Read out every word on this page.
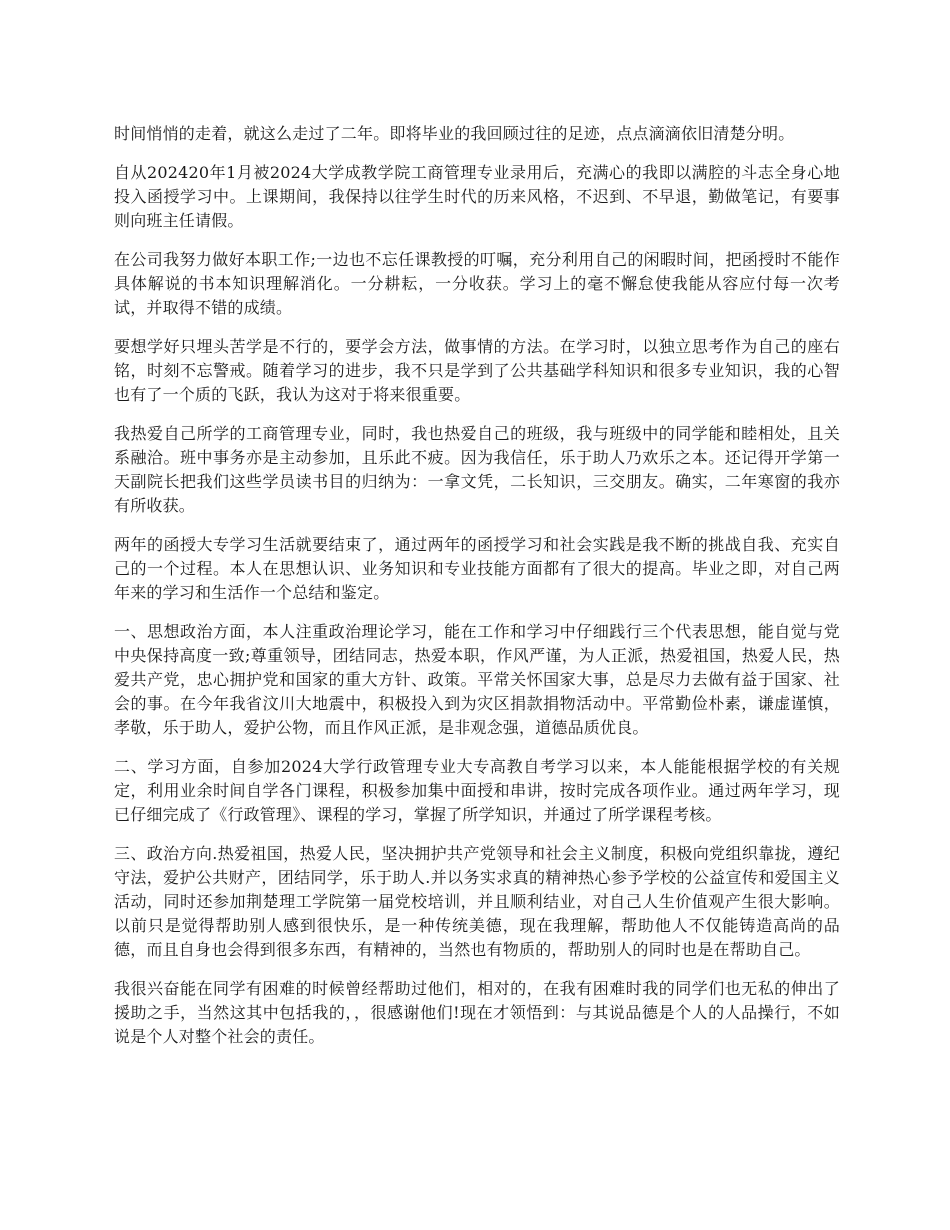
时间悄悄的走着，就这么走过了二年。即将毕业的我回顾过往的足迹，点点滴滴依旧清楚分明。

自从202420年1月被2024大学成教学院工商管理专业录用后，充满心的我即以满腔的斗志全身心地投入函授学习中。上课期间，我保持以往学生时代的历来风格，不迟到、不早退，勤做笔记，有要事则向班主任请假。

在公司我努力做好本职工作;一边也不忘任课教授的叮嘱，充分利用自己的闲暇时间，把函授时不能作具体解说的书本知识理解消化。一分耕耘，一分收获。学习上的毫不懈怠使我能从容应付每一次考试，并取得不错的成绩。

要想学好只埋头苦学是不行的，要学会方法，做事情的方法。在学习时，以独立思考作为自己的座右铭，时刻不忘警戒。随着学习的进步，我不只是学到了公共基础学科知识和很多专业知识，我的心智也有了一个质的飞跃，我认为这对于将来很重要。

我热爱自己所学的工商管理专业，同时，我也热爱自己的班级，我与班级中的同学能和睦相处，且关系融洽。班中事务亦是主动参加，且乐此不疲。因为我信任，乐于助人乃欢乐之本。还记得开学第一天副院长把我们这些学员读书目的归纳为：一拿文凭，二长知识，三交朋友。确实，二年寒窗的我亦有所收获。

两年的函授大专学习生活就要结束了，通过两年的函授学习和社会实践是我不断的挑战自我、充实自己的一个过程。本人在思想认识、业务知识和专业技能方面都有了很大的提高。毕业之即，对自己两年来的学习和生活作一个总结和鉴定。

一、思想政治方面，本人注重政治理论学习，能在工作和学习中仔细践行三个代表思想，能自觉与党中央保持高度一致;尊重领导，团结同志，热爱本职，作风严谨，为人正派，热爱祖国，热爱人民，热爱共产党，忠心拥护党和国家的重大方针、政策。平常关怀国家大事，总是尽力去做有益于国家、社会的事。在今年我省汶川大地震中，积极投入到为灾区捐款捐物活动中。平常勤俭朴素，谦虚谨慎，孝敬，乐于助人，爱护公物，而且作风正派，是非观念强，道德品质优良。

二、学习方面，自参加2024大学行政管理专业大专高教自考学习以来，本人能能根据学校的有关规定，利用业余时间自学各门课程，积极参加集中面授和串讲，按时完成各项作业。通过两年学习，现已仔细完成了《行政管理》、课程的学习，掌握了所学知识，并通过了所学课程考核。

三、政治方向.热爱祖国，热爱人民，坚决拥护共产党领导和社会主义制度，积极向党组织靠拢，遵纪守法，爱护公共财产，团结同学，乐于助人.并以务实求真的精神热心参予学校的公益宣传和爱国主义活动，同时还参加荆楚理工学院第一届党校培训，并且顺利结业，对自己人生价值观产生很大影响。以前只是觉得帮助别人感到很快乐，是一种传统美德，现在我理解，帮助他人不仅能铸造高尚的品德，而且自身也会得到很多东西，有精神的，当然也有物质的，帮助别人的同时也是在帮助自己。

我很兴奋能在同学有困难的时候曾经帮助过他们，相对的，在我有困难时我的同学们也无私的伸出了援助之手，当然这其中包括我的，，很感谢他们!现在才领悟到：与其说品德是个人的人品操行，不如说是个人对整个社会的责任。
